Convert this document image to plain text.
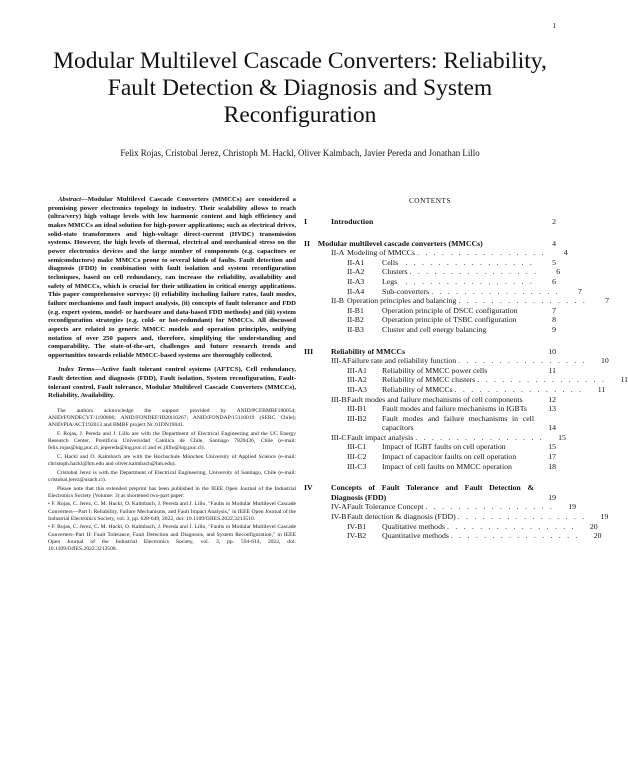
1
Modular Multilevel Cascade Converters: Reliability, Fault Detection & Diagnosis and System Reconfiguration
Felix Rojas, Cristobal Jerez, Christoph M. Hackl, Oliver Kalmbach, Javier Pereda and Jonathan Lillo

Abstract—Modular Multilevel Cascade Converters (MMCCs) are considered a promising power electronics topology in industry. Their scalability allows to reach (ultra/very) high voltage levels with low harmonic content and high efficiency and makes MMCCs an ideal solution for high-power applications; such as electrical drives, solid-state transformers and high-voltage direct-current (HVDC) transmission systems. However, the high levels of thermal, electrical and mechanical stress on the power electronics devices and the large number of components (e.g. capacitors or semiconductors) make MMCCs prone to several kinds of faults. Fault detection and diagnosis (FDD) in combination with fault isolation and system reconfiguration techniques, based on cell redundancy, can increase the reliability, availability and safety of MMCCs, which is crucial for their utilization in critical energy applications. This paper comprehensive surveys: (i) reliability including failure rates, fault modes, failure mechanisms and fault impact analysis, (ii) concepts of fault tolerance and FDD (e.g. expert system, model- or hardware and data-based FDD methods) and (iii) system reconfiguration strategies (e.g. cold- or hot-redundant) for MMCCs. All discussed aspects are related to generic MMCC models and operation principles, unifying notation of over 250 papers and, therefore, simplifying the understanding and comparability. The state-of-the-art, challenges and future research trends and opportunities towards reliable MMCC-based systems are thoroughly collected.

Index Terms—Active fault tolerant control systems (AFTCS), Cell redundancy, Fault detection and diagnosis (FDD), Fault isolation, System reconfiguration, Fault-tolerant control, Fault tolerance, Modular Multilevel Cascade Converters (MMCCs), Reliability, Availability.

The authors acknowledge the support provided by ANID/PCFBMBF180054; ANID/FONDECYT/1190806; ANID/FONDEF/ID20i10267; ANID/FONDAP/15110019 (SERC Chile); ANID/PIA/ACT192013 and BMBF project Nr. 01DN19041.

F. Rojas, J. Pereda and J. Lillo are with the Department of Electrical Engineering and the UC Energy Research Center, Pontificia Universidad Católica de Chile, Santiago 7820436, Chile (e-mail: felix.rojas@ing.puc.cl, jepereda@ing.puc.cl and ec.jlillo@ing.puc.cl).

C. Hackl and O. Kalmbach are with the Hochschule München University of Applied Science (e-mail: christoph.hackl@hm.edu and oliver.kalmbach@hm.edu).

Cristobal Jerez is with the Department of Electrical Engineering, University of Santiago, Chile (e-mail: cristobal.jerez@usach.cl).

Please note that this extended preprint has been published in the IEEE Open Journal of the Industrial Electronics Society (Volume: 3) as shortened two-part paper:

• F. Rojas, C. Jerez, C. M. Hackl, O. Kalmbach, J. Pereda and J. Lillo, "Faults in Modular Multilevel Cascade Converters—Part I: Reliability, Failure Mechanisms, and Fault Impact Analysis," in IEEE Open Journal of the Industrial Electronics Society, vol. 3, pp. 628-649, 2022, doi: 10.1109/OJIES.2022.3213510.

• F. Rojas, C. Jerez, C. M. Hackl, O. Kalmbach, J. Pereda and J. Lillo, "Faults in Modular Multilevel Cascade Converters–Part II: Fault Tolerance, Fault Detection and Diagnosis, and System Reconfiguration," in IEEE Open Journal of the Industrial Electronics Society, vol. 3, pp. 594-614, 2022, doi: 10.1109/OJIES.2022.3213508.

CONTENTS
I	Introduction	2
II Modular multilevel cascade converters (MMCCs)	4
II-A Modeling of MMCCs . . . . . . . . . . . . . . . .	4
II-A1 Cells . . . . . . . . . . . . . . . .	5
II-A2 Clusters . . . . . . . . . . . . . . . .	6
II-A3 Legs	. . . . . . . . . . . . . . . .	6
II-A4 Sub-converters . . . . . . . . . . . . . . . .	7
II-B Operation principles and balancing . . . . . . . . . . . . . . . .	7
II-B1 Operation principle of DSCC configuration	7
II-B2 Operation principle of TSBC configuration	8
II-B3 Cluster and cell energy balancing	9
III Reliability of MMCCs	10
III-A Failure rate and reliability function . . . . . . . . . . . . . . . .	10
III-A1 Reliability of MMCC power cells	11
III-A2 Reliability of MMCC clusters . . . . . . . . . . . . . . . .	11
III-A3 Reliability of MMCCs . . . . . . . . . . . . . . . .	11
III-B Fault modes and failure mechanisms of cell components	12
III-B1 Fault modes and failure mechanisms in IGBTs	13
III-B2 Fault modes and failure mechanisms in cell capacitors	14
III-C Fault impact analysis . . . . . . . . . . . . . . . .	15
III-C1 Impact of IGBT faults on cell operation	15
III-C2 Impact of capacitor faults on cell operation	17
III-C3 Impact of cell faults on MMCC operation	18
IV Concepts of Fault Tolerance and Fault Detection & Diagnosis (FDD)	19
IV-A Fault Tolerance Concept . . . . . . . . . . . . . . . .	19
IV-B Fault detection & diagnosis (FDD) . . . . . . . . . . . . . . . .	19
IV-B1 Qualitative methods . . . . . . . . . . . . . . . .	20
IV-B2 Quantitative methods . . . . . . . . . . . . . . . .	20
